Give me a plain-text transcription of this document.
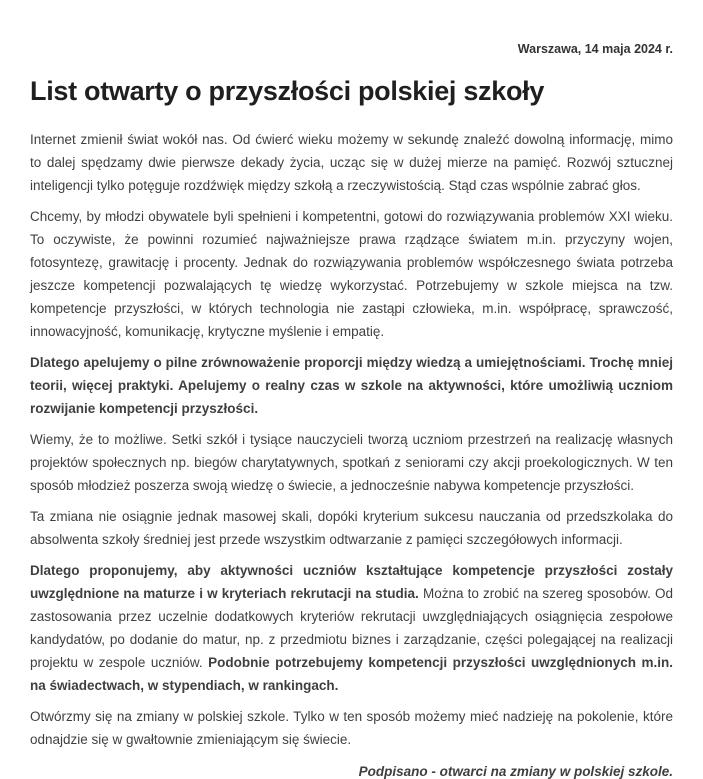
Warszawa, 14 maja 2024 r.
List otwarty o przyszłości polskiej szkoły

Internet zmienił świat wokół nas. Od ćwierć wieku możemy w sekundę znaleźć dowolną informację, mimo to dalej spędzamy dwie pierwsze dekady życia, ucząc się w dużej mierze na pamięć. Rozwój sztucznej inteligencji tylko potęguje rozdźwięk między szkołą a rzeczywistością. Stąd czas wspólnie zabrać głos.

Chcemy, by młodzi obywatele byli spełnieni i kompetentni, gotowi do rozwiązywania problemów XXI wieku. To oczywiste, że powinni rozumieć najważniejsze prawa rządzące światem m.in. przyczyny wojen, fotosyntezę, grawitację i procenty. Jednak do rozwiązywania problemów współczesnego świata potrzeba jeszcze kompetencji pozwalających tę wiedzę wykorzystać. Potrzebujemy w szkole miejsca na tzw. kompetencje przyszłości, w których technologia nie zastąpi człowieka, m.in. współpracę, sprawczość, innowacyjność, komunikację, krytyczne myślenie i empatię.

Dlatego apelujemy o pilne zrównoważenie proporcji między wiedzą a umiejętnościami. Trochę mniej teorii, więcej praktyki. Apelujemy o realny czas w szkole na aktywności, które umożliwią uczniom rozwijanie kompetencji przyszłości.

Wiemy, że to możliwe. Setki szkół i tysiące nauczycieli tworzą uczniom przestrzeń na realizację własnych projektów społecznych np. biegów charytatywnych, spotkań z seniorami czy akcji proekologicznych. W ten sposób młodzież poszerza swoją wiedzę o świecie, a jednocześnie nabywa kompetencje przyszłości.

Ta zmiana nie osiągnie jednak masowej skali, dopóki kryterium sukcesu nauczania od przedszkolaka do absolwenta szkoły średniej jest przede wszystkim odtwarzanie z pamięci szczegółowych informacji.

Dlatego proponujemy, aby aktywności uczniów kształtujące kompetencje przyszłości zostały uwzględnione na maturze i w kryteriach rekrutacji na studia. Można to zrobić na szereg sposobów. Od zastosowania przez uczelnie dodatkowych kryteriów rekrutacji uwzględniających osiągnięcia zespołowe kandydatów, po dodanie do matur, np. z przedmiotu biznes i zarządzanie, części polegającej na realizacji projektu w zespole uczniów. Podobnie potrzebujemy kompetencji przyszłości uwzględnionych m.in. na świadectwach, w stypendiach, w rankingach.

Otwórzmy się na zmiany w polskiej szkole. Tylko w ten sposób możemy mieć nadzieję na pokolenie, które odnajdzie się w gwałtownie zmieniającym się świecie.

Podpisano - otwarci na zmiany w polskiej szkole.
